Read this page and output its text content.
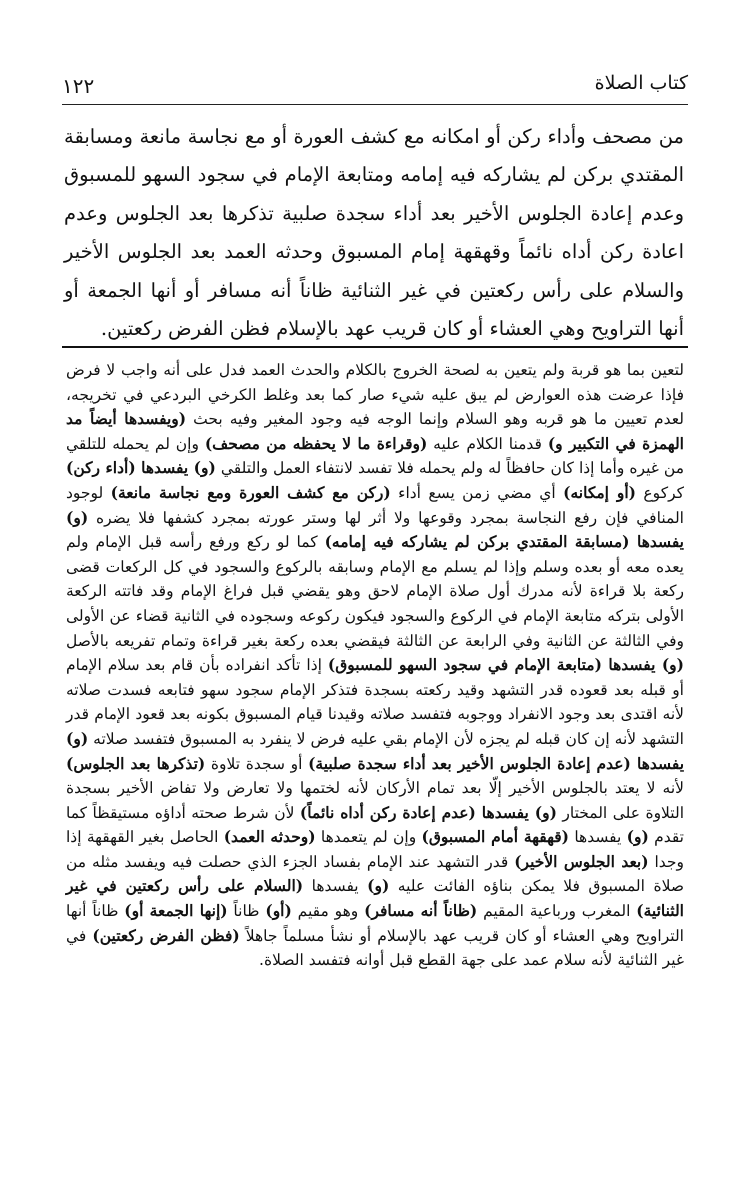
كتاب الصلاة
١٢٢

من مصحف وأداء ركن أو امكانه مع كشف العورة أو مع نجاسة مانعة ومسابقة المقتدي بركن لم يشاركه فيه إمامه ومتابعة الإمام في سجود السهو للمسبوق وعدم إعادة الجلوس الأخير بعد أداء سجدة صلبية تذكرها بعد الجلوس وعدم اعادة ركن أداه نائماً وقهقهة إمام المسبوق وحدثه العمد بعد الجلوس الأخير والسلام على رأس ركعتين في غير الثنائية ظاناً أنه مسافر أو أنها الجمعة أو أنها التراويح وهي العشاء أو كان قريب عهد بالإسلام فظن الفرض ركعتين.

لتعين بما هو قربة ولم يتعين به لصحة الخروج بالكلام والحدث العمد فدل على أنه واجب لا فرض فإذا عرضت هذه العوارض لم يبق عليه شيء صار كما بعد وغلط الكرخي البردعي في تخريجه، لعدم تعيين ما هو قربه وهو السلام وإنما الوجه فيه وجود المغير وفيه بحث (ويفسدها أيضاً مد الهمزة في التكبير و) قدمنا الكلام عليه (وقراءة ما لا يحفظه من مصحف) وإن لم يحمله للتلقي من غيره وأما إذا كان حافظاً له ولم يحمله فلا تفسد لانتفاء العمل والتلقي (و) يفسدها (أداء ركن) كركوع (أو إمكانه) أي مضي زمن يسع أداء (ركن مع كشف العورة ومع نجاسة مانعة) لوجود المنافي فإن رفع النجاسة بمجرد وقوعها ولا أثر لها وستر عورته بمجرد كشفها فلا يضره (و) يفسدها (مسابقة المقتدي بركن لم يشاركه فيه إمامه) كما لو ركع ورفع رأسه قبل الإمام ولم يعده معه أو بعده وسلم وإذا لم يسلم مع الإمام وسابقه بالركوع والسجود في كل الركعات قضى ركعة بلا قراءة لأنه مدرك أول صلاة الإمام لاحق وهو يقضي قبل فراغ الإمام وقد فاتته الركعة الأولى بتركه متابعة الإمام في الركوع والسجود فيكون ركوعه وسجوده في الثانية قضاء عن الأولى وفي الثالثة عن الثانية وفي الرابعة عن الثالثة فيقضي بعده ركعة بغير قراءة وتمام تفريعه بالأصل (و) يفسدها (متابعة الإمام في سجود السهو للمسبوق) إذا تأكد انفراده بأن قام بعد سلام الإمام أو قبله بعد قعوده قدر التشهد وقيد ركعته بسجدة فتذكر الإمام سجود سهو فتابعه فسدت صلاته لأنه اقتدى بعد وجود الانفراد ووجوبه فتفسد صلاته وقيدنا قيام المسبوق بكونه بعد قعود الإمام قدر التشهد لأنه إن كان قبله لم يجزه لأن الإمام بقي عليه فرض لا ينفرد به المسبوق فتفسد صلاته (و) يفسدها (عدم إعادة الجلوس الأخير بعد أداء سجدة صلبية) أو سجدة تلاوة (تذكرها بعد الجلوس) لأنه لا يعتد بالجلوس الأخير إلّا بعد تمام الأركان لأنه لختمها ولا تعارض ولا تفاض الأخير بسجدة التلاوة على المختار (و) يفسدها (عدم إعادة ركن أداه نائماً) لأن شرط صحته أداؤه مستيقظاً كما تقدم (و) يفسدها (قهقهة أمام المسبوق) وإن لم يتعمدها (وحدثه العمد) الحاصل بغير القهقهة إذا وجدا (بعد الجلوس الأخير) قدر التشهد عند الإمام بفساد الجزء الذي حصلت فيه ويفسد مثله من صلاة المسبوق فلا يمكن بناؤه الفائت عليه (و) يفسدها (السلام على رأس ركعتين في غير الثنائية) المغرب ورباعية المقيم (ظاناً أنه مسافر) وهو مقيم (أو) ظاناً (إنها الجمعة أو) ظاناً أنها التراويح وهي العشاء أو كان قريب عهد بالإسلام أو نشأ مسلماً جاهلاً (فظن الفرض ركعتين) في غير الثنائية لأنه سلام عمد على جهة القطع قبل أوانه فتفسد الصلاة.
